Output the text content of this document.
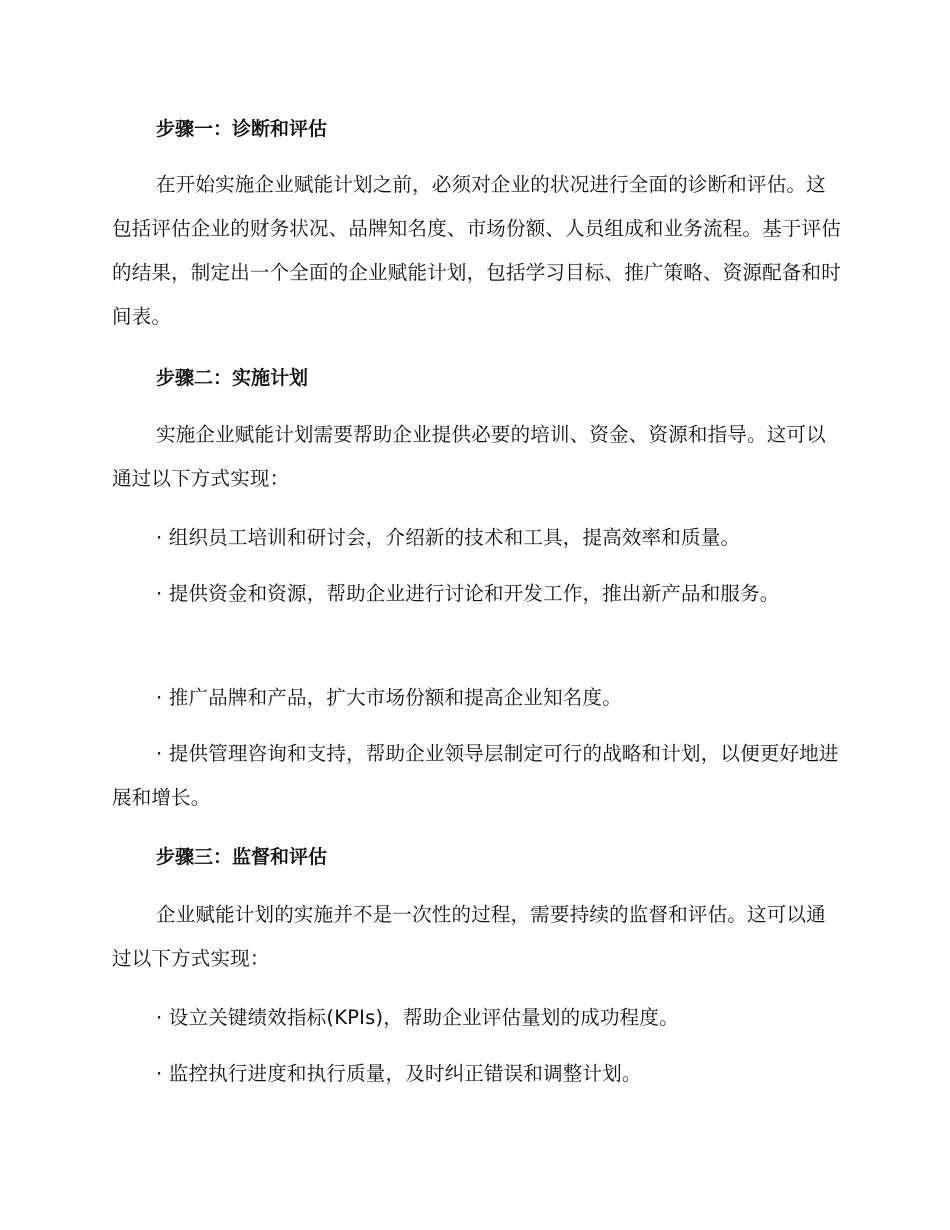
步骤一：诊断和评估
在开始实施企业赋能计划之前，必须对企业的状况进行全面的诊断和评估。这包括评估企业的财务状况、品牌知名度、市场份额、人员组成和业务流程。基于评估的结果，制定出一个全面的企业赋能计划，包括学习目标、推广策略、资源配备和时间表。
步骤二：实施计划
实施企业赋能计划需要帮助企业提供必要的培训、资金、资源和指导。这可以通过以下方式实现：
· 组织员工培训和研讨会，介绍新的技术和工具，提高效率和质量。
· 提供资金和资源，帮助企业进行讨论和开发工作，推出新产品和服务。
· 推广品牌和产品，扩大市场份额和提高企业知名度。
· 提供管理咨询和支持，帮助企业领导层制定可行的战略和计划，以便更好地进展和增长。
步骤三：监督和评估
企业赋能计划的实施并不是一次性的过程，需要持续的监督和评估。这可以通过以下方式实现：
· 设立关键绩效指标(KPIs)，帮助企业评估量划的成功程度。
· 监控执行进度和执行质量，及时纠正错误和调整计划。
